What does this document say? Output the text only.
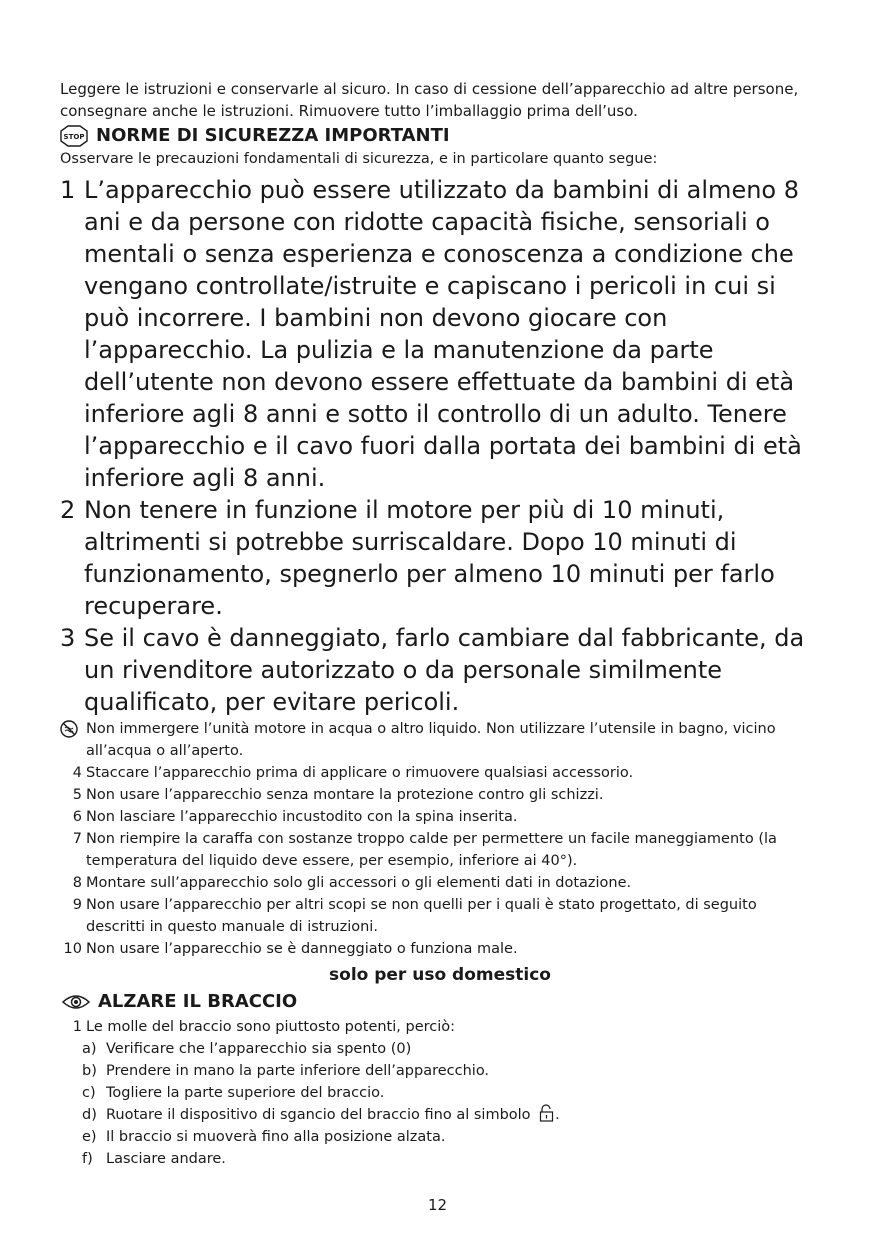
Leggere le istruzioni e conservarle al sicuro. In caso di cessione dell’apparecchio ad altre persone, consegnare anche le istruzioni. Rimuovere tutto l’imballaggio prima dell’uso.

STOP NORME DI SICUREZZA IMPORTANTI

Osservare le precauzioni fondamentali di sicurezza, e in particolare quanto segue:

1 L’apparecchio può essere utilizzato da bambini di almeno 8 ani e da persone con ridotte capacità fisiche, sensoriali o mentali o senza esperienza e conoscenza a condizione che vengano controllate/istruite e capiscano i pericoli in cui si può incorrere. I bambini non devono giocare con l’apparecchio. La pulizia e la manutenzione da parte dell’utente non devono essere effettuate da bambini di età inferiore agli 8 anni e sotto il controllo di un adulto. Tenere l’apparecchio e il cavo fuori dalla portata dei bambini di età inferiore agli 8 anni.
2 Non tenere in funzione il motore per più di 10 minuti, altrimenti si potrebbe surriscaldare. Dopo 10 minuti di funzionamento, spegnerlo per almeno 10 minuti per farlo recuperare.
3 Se il cavo è danneggiato, farlo cambiare dal fabbricante, da un rivenditore autorizzato o da personale similmente qualificato, per evitare pericoli.
Non immergere l’unità motore in acqua o altro liquido. Non utilizzare l’utensile in bagno, vicino all’acqua o all’aperto.
4 Staccare l’apparecchio prima di applicare o rimuovere qualsiasi accessorio.
5 Non usare l’apparecchio senza montare la protezione contro gli schizzi.
6 Non lasciare l’apparecchio incustodito con la spina inserita.
7 Non riempire la caraffa con sostanze troppo calde per permettere un facile maneggiamento (la temperatura del liquido deve essere, per esempio, inferiore ai 40°).
8 Montare sull’apparecchio solo gli accessori o gli elementi dati in dotazione.
9 Non usare l’apparecchio per altri scopi se non quelli per i quali è stato progettato, di seguito descritti in questo manuale di istruzioni.
10 Non usare l’apparecchio se è danneggiato o funziona male.

solo per uso domestico

ALZARE IL BRACCIO
1 Le molle del braccio sono piuttosto potenti, perciò:
a) Verificare che l’apparecchio sia spento (0)
b) Prendere in mano la parte inferiore dell’apparecchio.
c) Togliere la parte superiore del braccio.
d) Ruotare il dispositivo di sgancio del braccio fino al simbolo .
e) Il braccio si muoverà fino alla posizione alzata.
f) Lasciare andare.
12
